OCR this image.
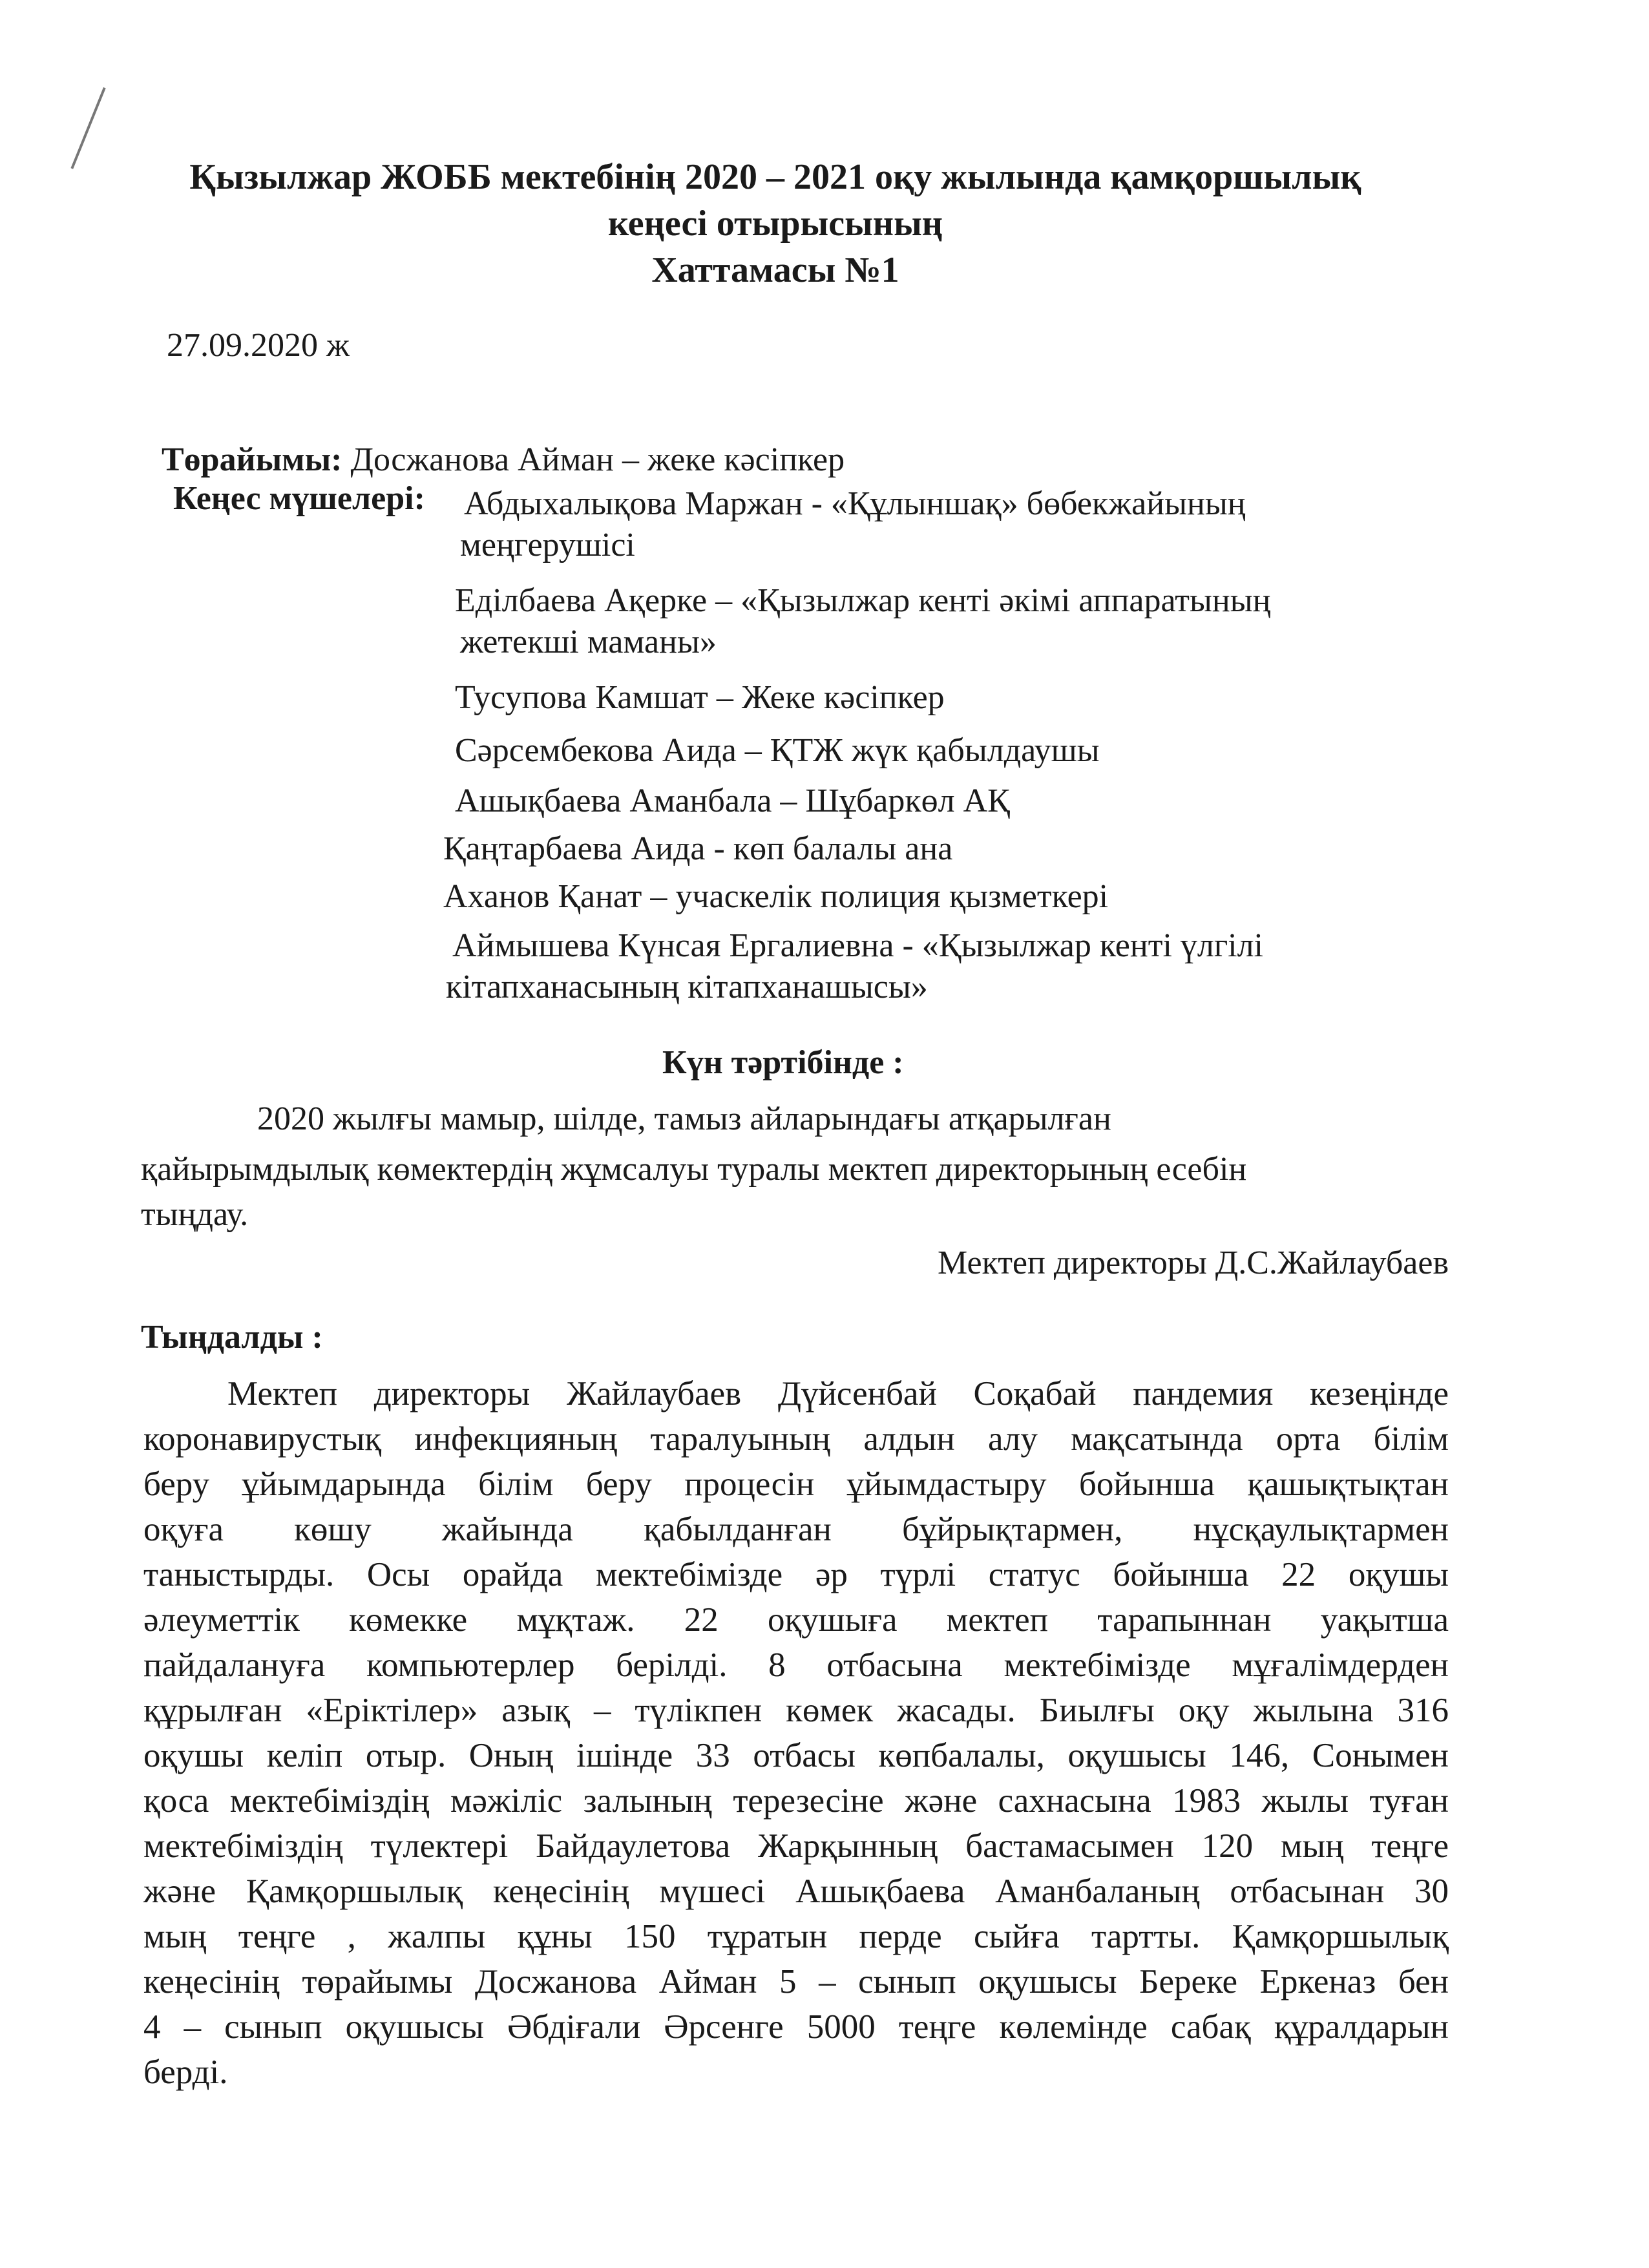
Қызылжар ЖОББ мектебінің 2020 – 2021 оқу жылында қамқоршылық
кеңесі отырысының
Хаттамасы №1
27.09.2020 ж
Төрайымы: Досжанова Айман – жеке кәсіпкер
Кеңес мүшелері: Абдыхалықова Маржан - «Құлыншақ» бөбекжайының
меңгерушісі
Еділбаева Ақерке – «Қызылжар кенті әкімі аппаратының
жетекші маманы»
Тусупова Камшат – Жеке кәсіпкер
Сәрсембекова Аида – ҚТЖ жүк қабылдаушы
Ашықбаева Аманбала – Шұбаркөл АҚ
Қаңтарбаева Аида - көп балалы ана
Аханов Қанат – учаскелік полиция қызметкері
Аймышева Күнсая Ергалиевна - «Қызылжар кенті үлгілі
кітапханасының кітапханашысы»
Күн тәртібінде :
2020 жылғы мамыр, шілде, тамыз айларындағы атқарылған
қайырымдылық көмектердің жұмсалуы туралы мектеп директорының есебін
тыңдау.
Мектеп директоры Д.С.Жайлаубаев
Тыңдалды :
Мектеп директоры Жайлаубаев Дүйсенбай Соқабай пандемия кезеңінде
коронавирустық инфекцияның таралуының алдын алу мақсатында орта білім
беру ұйымдарында білім беру процесін ұйымдастыру бойынша қашықтықтан
оқуға көшу жайында қабылданған бұйрықтармен, нұсқаулықтармен
таныстырды. Осы орайда мектебімізде әр түрлі статус бойынша 22 оқушы
әлеуметтік көмекке мұқтаж. 22 оқушыға мектеп тарапыннан уақытша
пайдалануға компьютерлер берілді. 8 отбасына мектебімізде мұғалімдерден
құрылған «Еріктілер» азық – түлікпен көмек жасады. Биылғы оқу жылына 316
оқушы келіп отыр. Оның ішінде 33 отбасы көпбалалы, оқушысы 146, Сонымен
қоса мектебіміздің мәжіліс залының терезесіне және сахнасына 1983 жылы туған
мектебіміздің түлектері Байдаулетова Жарқынның бастамасымен 120 мың теңге
және Қамқоршылық кеңесінің мүшесі Ашықбаева Аманбаланың отбасынан 30
мың теңге , жалпы құны 150 тұратын перде сыйға тартты. Қамқоршылық
кеңесінің төрайымы Досжанова Айман 5 – сынып оқушысы Береке Еркеназ бен
4 – сынып оқушысы Әбдіғали Әрсенге 5000 теңге көлемінде сабақ құралдарын
берді.
